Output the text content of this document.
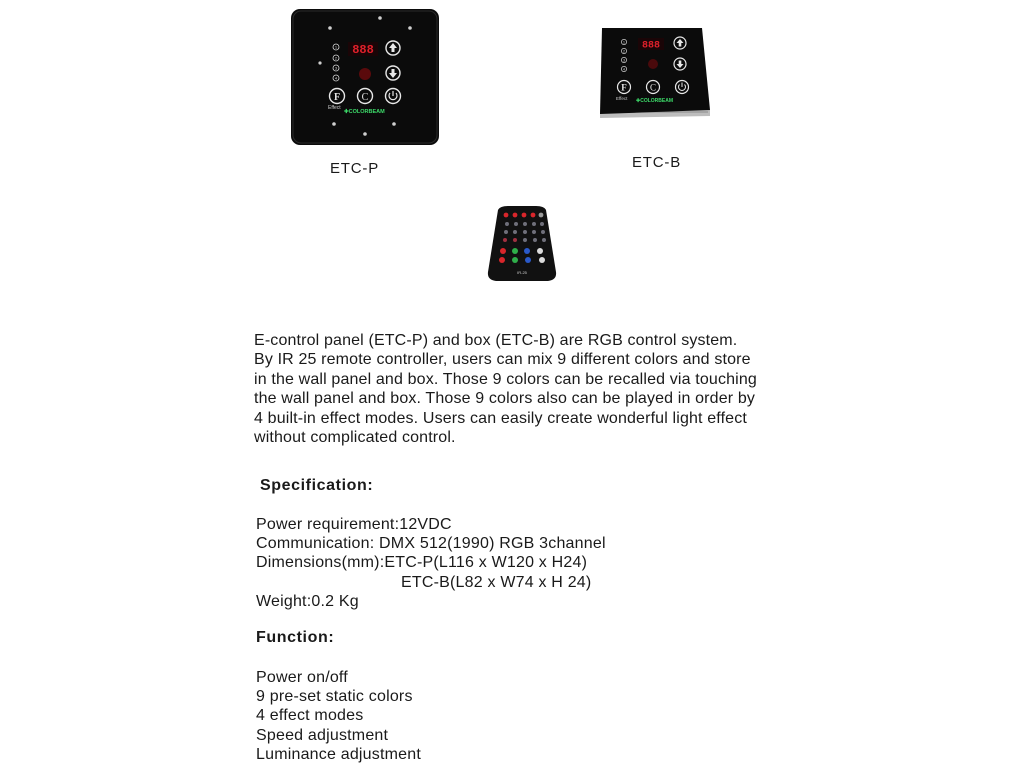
1
2
3
4
888
F C
Effect
✚COLORBEAM
1
2
3
4
888
F	C
Effect ✚COLORBEAM
IR-25
ETC-P	ETC-B
E-control panel (ETC-P) and box (ETC-B) are RGB control system.
By IR 25 remote controller, users can mix 9 different colors and store
in the wall panel and box. Those 9 colors can be recalled via touching
the wall panel and box. Those 9 colors also can be played in order by
4 built-in effect modes. Users can easily create wonderful light effect
without complicated control.
Specification:
Power requirement:12VDC
Communication: DMX 512(1990) RGB 3channel
Dimensions(mm):ETC-P(L116 x W120 x H24)
ETC-B(L82 x W74 x H 24)
Weight:0.2 Kg
Function:
Power on/off
9 pre-set static colors
4 effect modes
Speed adjustment
Luminance adjustment
